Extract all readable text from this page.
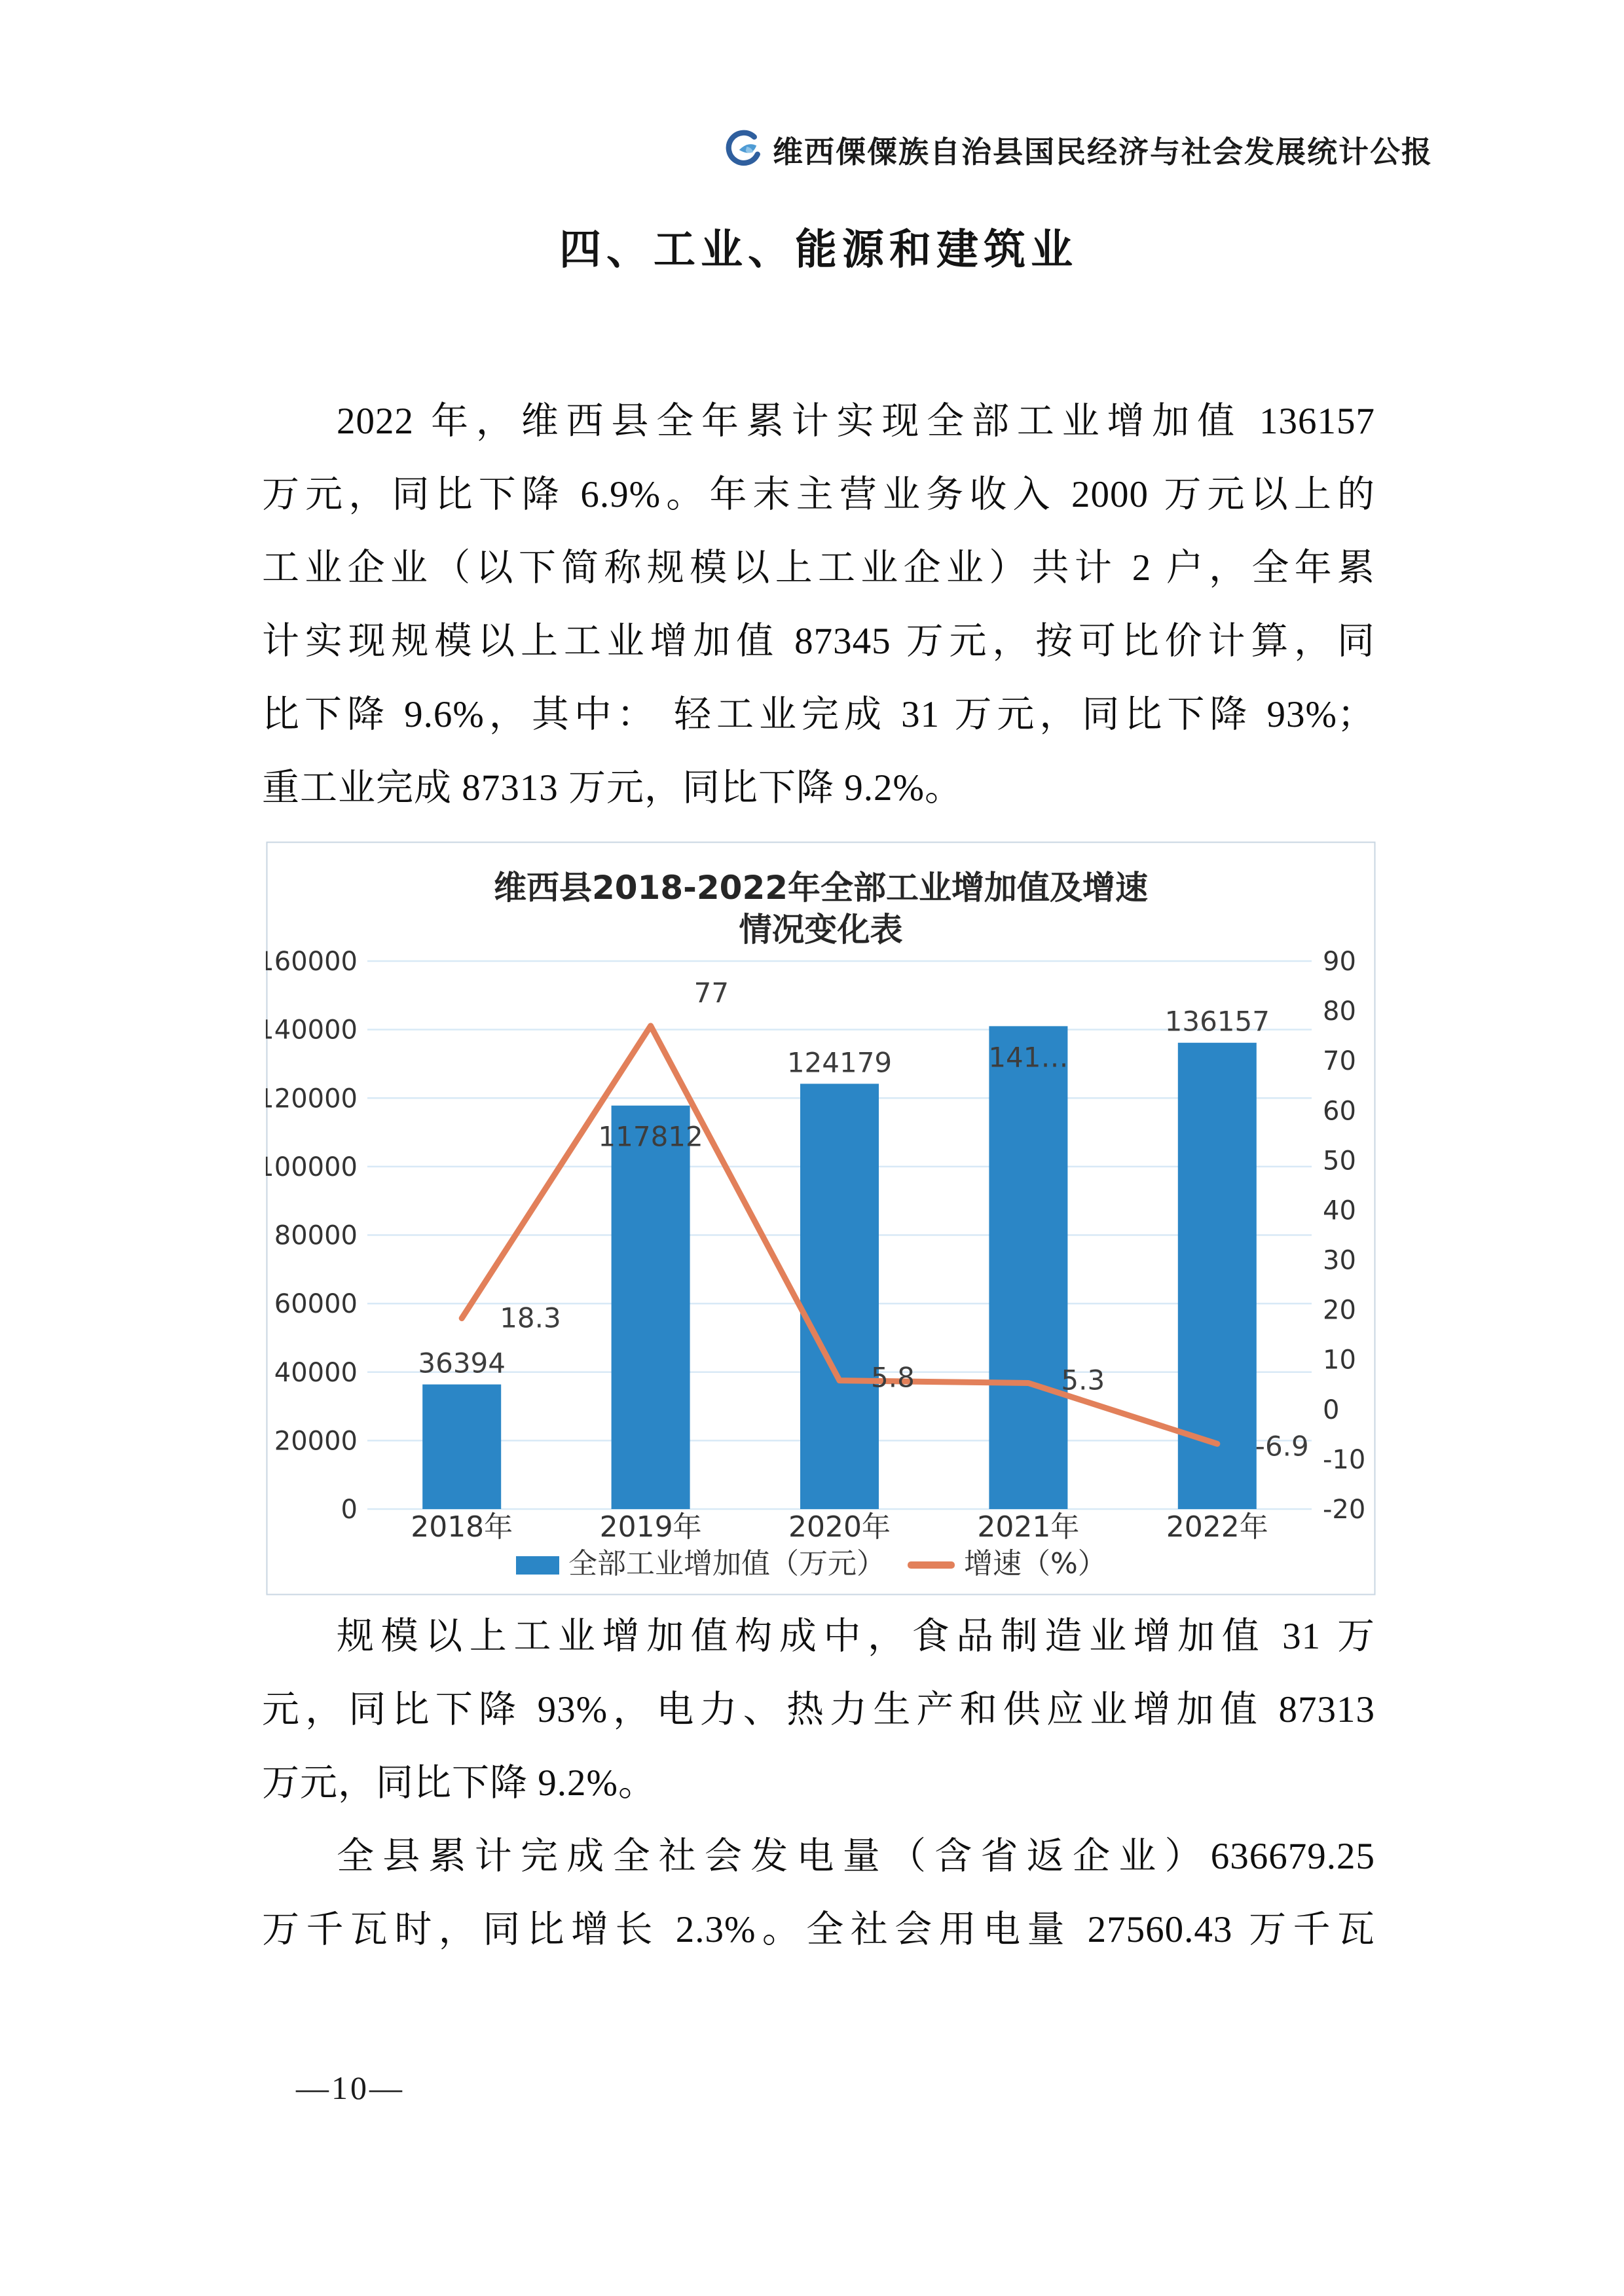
维西傈僳族自治县国民经济与社会发展统计公报
四、工业、能源和建筑业
2022 年，维西县全年累计实现全部工业增加值 136157
万元，同比下降 6.9%。年末主营业务收入 2000 万元以上的
工业企业（以下简称规模以上工业企业）共计 2 户，全年累
计实现规模以上工业增加值 87345 万元，按可比价计算，同
比下降 9.6%，其中： 轻工业完成 31 万元，同比下降 93%；
重工业完成 87313 万元，同比下降 9.2%。
维西县2018-2022年全部工业增加值及增速
情况变化表
160000
140000
120000
100000
80000
60000
40000
20000
0
90
80
70
60
50
40
30
20
10
0
-10
-20
36394
117812
124179	141…
136157
18.3
77
5.8	5.3
-6.9
2018年	2019年	2020年	2021年	2022年
全部工业增加值（万元）	增速（%）
规模以上工业增加值构成中，食品制造业增加值 31 万
元，同比下降 93%，电力、热力生产和供应业增加值 87313
万元，同比下降 9.2%。
全县累计完成全社会发电量（含省返企业）636679.25
万千瓦时，同比增长 2.3%。全社会用电量 27560.43 万千瓦
—10—
